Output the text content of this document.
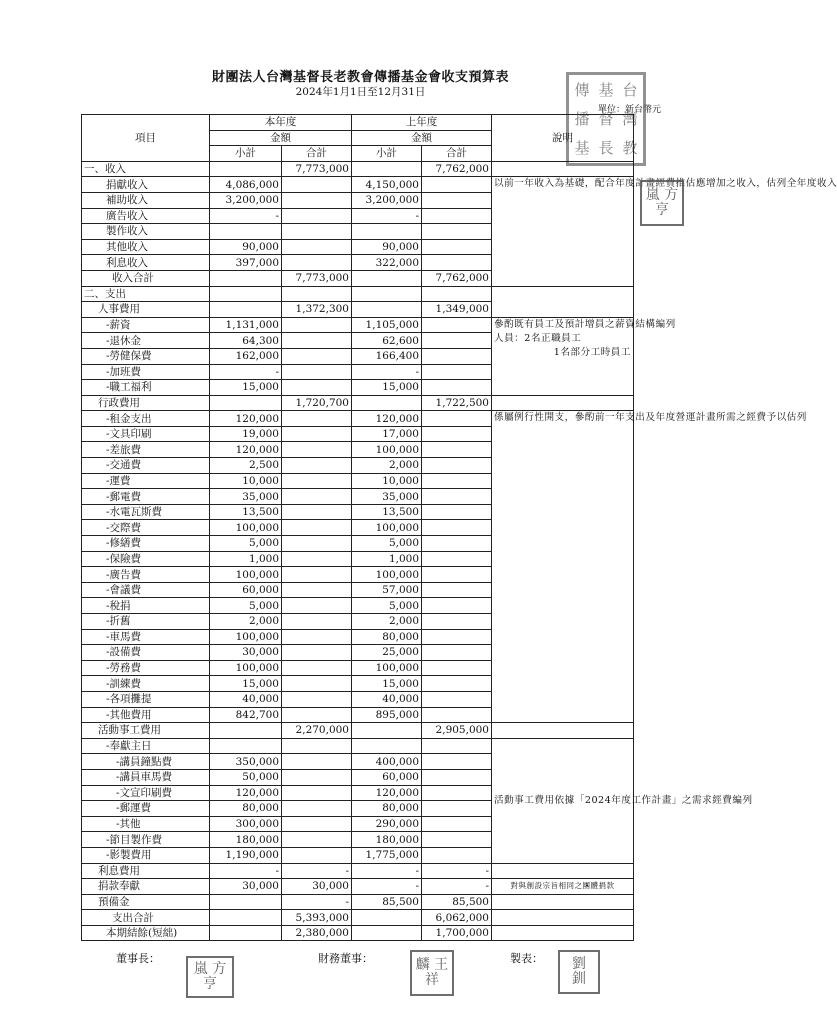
財團法人台灣基督長老教會傳播基金會收支預算表
2024年1月1日至12月31日
單位：新台幣元
傳 基 台
播 督 灣
基 長 教
項目	本年度		上年度		說明
	金額		金額		
	小計	合計	小計	合計	
一、收入		7,773,000		7,762,000	
捐獻收入	4,086,000		4,150,000		以前一年收入為基礎，配合年度計畫經費推估應增加之收入，估列全年度收入

補助收入	3,200,000		3,200,000		
廣告收入	-		-		
製作收入					
其他收入	90,000		90,000		
利息收入	397,000		322,000		
收入合計		7,773,000		7,762,000	
二、支出					
人事費用		1,372,300		1,349,000	
-薪資	1,131,000		1,105,000		參酌既有員工及預計增員之薪資結構編列
人員：2名正職員工
1名部分工時員工

-退休金	64,300		62,600		
-勞健保費	162,000		166,400		
-加班費	-		-		
-職工福利	15,000		15,000		
行政費用		1,720,700		1,722,500	
-租金支出	120,000		120,000		係屬例行性開支，參酌前一年支出及年度營運計畫所需之經費予以估列

-文具印刷	19,000		17,000		
-差旅費	120,000		100,000		
-交通費	2,500		2,000		
-運費	10,000		10,000		
-郵電費	35,000		35,000		
-水電瓦斯費	13,500		13,500		
-交際費	100,000		100,000		
-修繕費	5,000		5,000		
-保險費	1,000		1,000		
-廣告費	100,000		100,000		
-會議費	60,000		57,000		
-稅捐	5,000		5,000		
-折舊	2,000		2,000		
-車馬費	100,000		80,000		
-設備費	30,000		25,000		
-勞務費	100,000		100,000		
-訓練費	15,000		15,000		
-各項攤提	40,000		40,000		
-其他費用	842,700		895,000		
活動事工費用		2,270,000		2,905,000	
-奉獻主日					活動事工費用依據「2024年度工作計畫」之需求經費編列

-講員鐘點費	350,000		400,000		
-講員車馬費	50,000		60,000		
-文宣印刷費	120,000		120,000		
-郵運費	80,000		80,000		
-其他	300,000		290,000		
-節目製作費	180,000		180,000		
-影製費用	1,190,000		1,775,000		
利息費用	-	-	-	-	
捐款奉獻	30,000	30,000	-	-	對與創設宗旨相同之團體捐款

預備金		-	85,500	85,500	
支出合計		5,393,000		6,062,000	
本期結餘(短絀)		2,380,000		1,700,000	
董事長：	財務董事：	製表：
嵐 方
亨
嵐 方
亨
麟 王
祥
劉
釧
